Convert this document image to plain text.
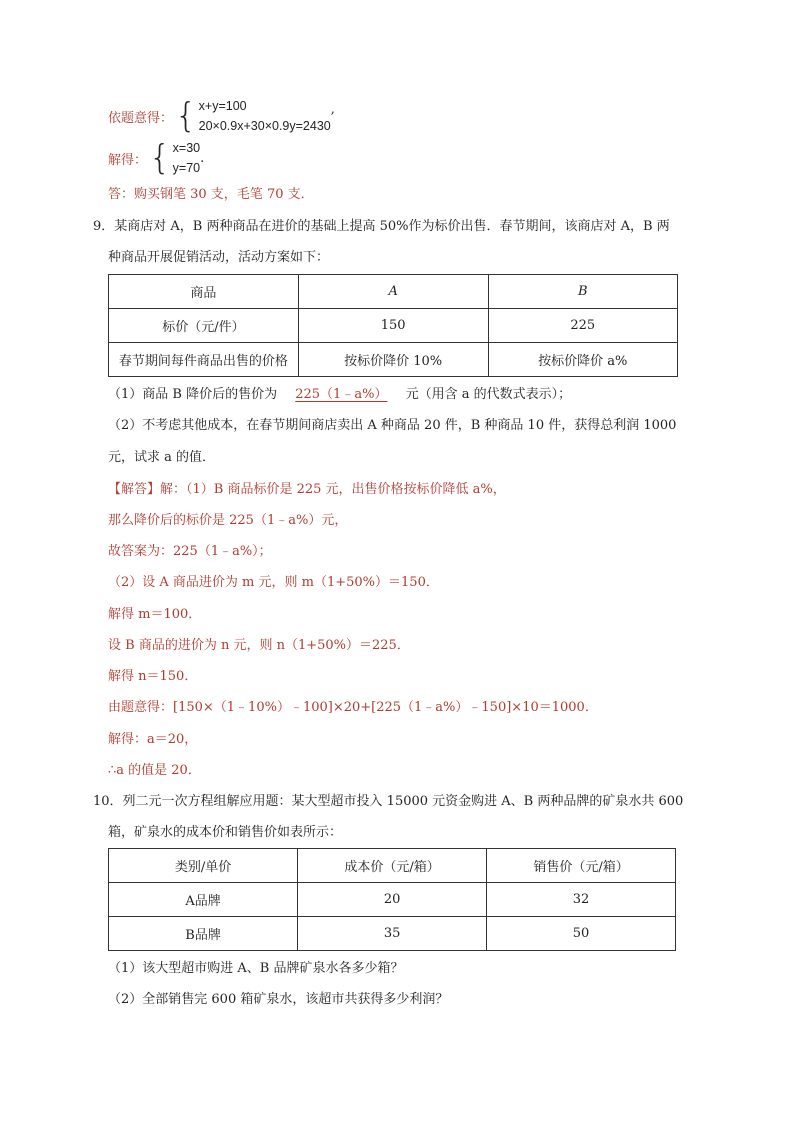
依题意得： { x+y=100
20×0.9x+30×0.9y=2430
,
解得： { x=30
y=70
.
答：购买钢笔 30 支，毛笔 70 支．
9．某商店对 A，B 两种商品在进价的基础上提高 50%作为标价出售．春节期间，该商店对 A，B 两
种商品开展促销活动，活动方案如下：
商品	A	B
标价（元/件）	150	225
春节期间每件商品出售的价格	按标价降价 10%	按标价降价 a%
（1）商品 B 降价后的售价为 225（1﹣a%） 元（用含 a 的代数式表示）；
（2）不考虑其他成本，在春节期间商店卖出 A 种商品 20 件，B 种商品 10 件，获得总利润 1000
元，试求 a 的值．
【解答】解：（1）B 商品标价是 225 元，出售价格按标价降低 a%，
那么降价后的标价是 225（1﹣a%）元，
故答案为：225（1﹣a%）；
（2）设 A 商品进价为 m 元，则 m（1+50%）＝150．
解得 m＝100．
设 B 商品的进价为 n 元，则 n（1+50%）＝225．
解得 n＝150．
由题意得：[150×（1﹣10%）﹣100]×20+[225（1﹣a%）﹣150]×10＝1000．
解得：a＝20，
∴a 的值是 20．
10．列二元一次方程组解应用题：某大型超市投入 15000 元资金购进 A、B 两种品牌的矿泉水共 600
箱，矿泉水的成本价和销售价如表所示：
类别/单价	成本价（元/箱）	销售价（元/箱）
A品牌	20	32
B品牌	35	50
（1）该大型超市购进 A、B 品牌矿泉水各多少箱？
（2）全部销售完 600 箱矿泉水，该超市共获得多少利润？
